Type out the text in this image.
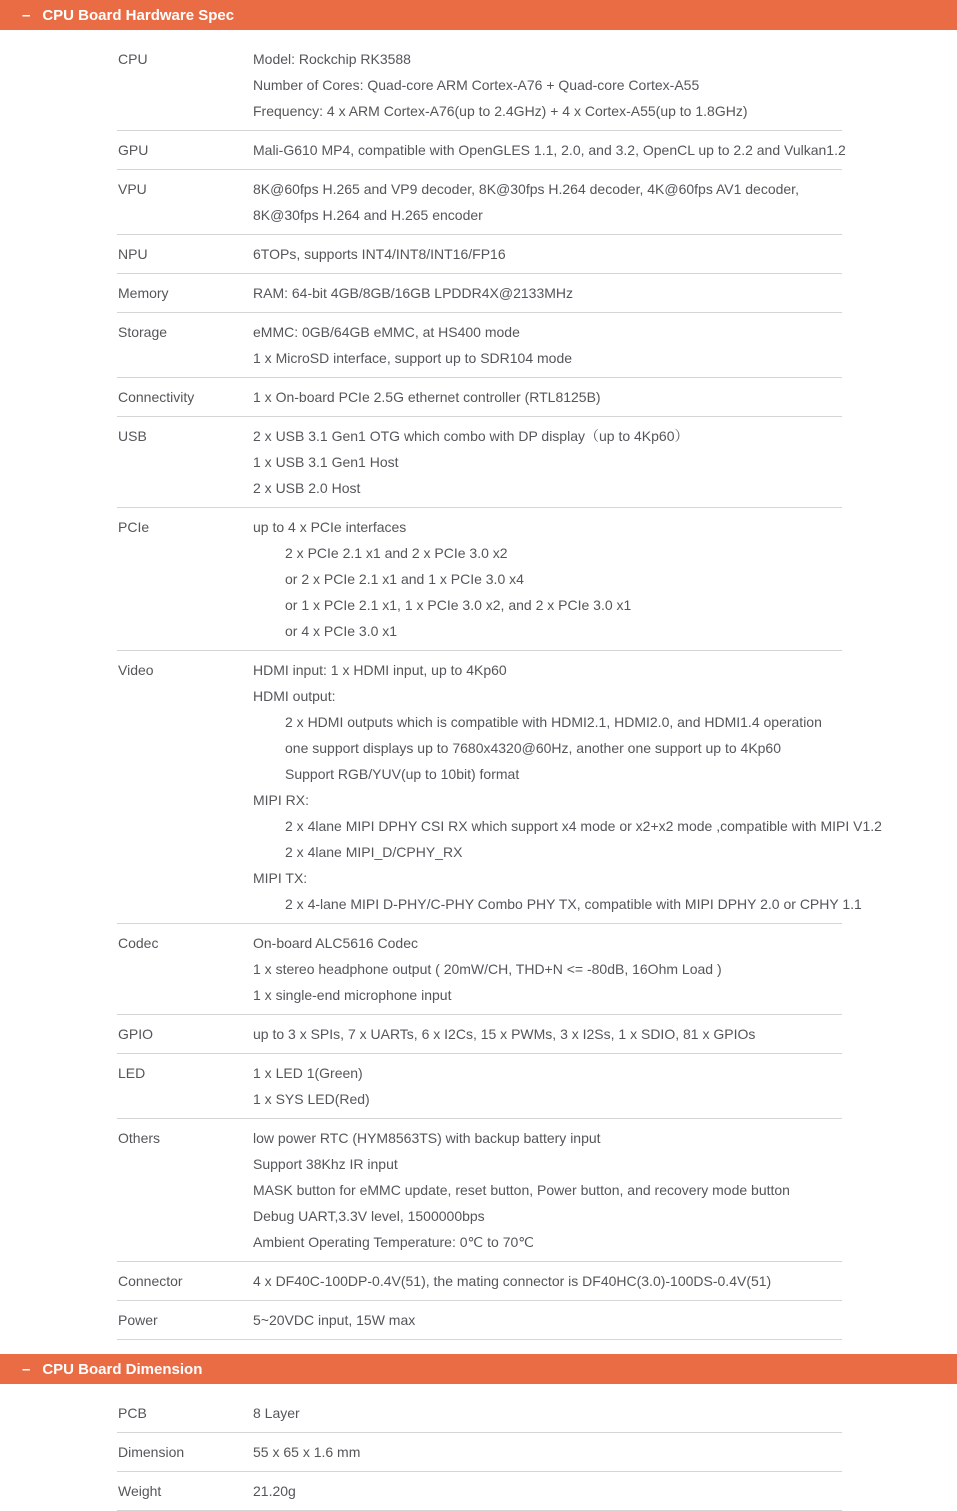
– CPU Board Hardware Spec
CPU	Model: Rockchip RK3588
Number of Cores: Quad-core ARM Cortex-A76 + Quad-core Cortex-A55
Frequency: 4 x ARM Cortex-A76(up to 2.4GHz) + 4 x Cortex-A55(up to 1.8GHz)
GPU	Mali-G610 MP4, compatible with OpenGLES 1.1, 2.0, and 3.2, OpenCL up to 2.2 and Vulkan1.2
VPU	8K@60fps H.265 and VP9 decoder, 8K@30fps H.264 decoder, 4K@60fps AV1 decoder,
8K@30fps H.264 and H.265 encoder
NPU	6TOPs, supports INT4/INT8/INT16/FP16
Memory	RAM: 64-bit 4GB/8GB/16GB LPDDR4X@2133MHz
Storage	eMMC: 0GB/64GB eMMC, at HS400 mode
1 x MicroSD interface, support up to SDR104 mode
Connectivity	1 x On-board PCIe 2.5G ethernet controller (RTL8125B)
USB	2 x USB 3.1 Gen1 OTG which combo with DP display（up to 4Kp60）
1 x USB 3.1 Gen1 Host
2 x USB 2.0 Host
PCIe	up to 4 x PCIe interfaces
2 x PCIe 2.1 x1 and 2 x PCIe 3.0 x2
or 2 x PCIe 2.1 x1 and 1 x PCIe 3.0 x4
or 1 x PCIe 2.1 x1, 1 x PCIe 3.0 x2, and 2 x PCIe 3.0 x1
or 4 x PCIe 3.0 x1
Video	HDMI input: 1 x HDMI input, up to 4Kp60
HDMI output:
2 x HDMI outputs which is compatible with HDMI2.1, HDMI2.0, and HDMI1.4 operation
one support displays up to 7680x4320@60Hz, another one support up to 4Kp60
Support RGB/YUV(up to 10bit) format
MIPI RX:
2 x 4lane MIPI DPHY CSI RX which support x4 mode or x2+x2 mode ,compatible with MIPI V1.2
2 x 4lane MIPI_D/CPHY_RX
MIPI TX:
2 x 4-lane MIPI D-PHY/C-PHY Combo PHY TX, compatible with MIPI DPHY 2.0 or CPHY 1.1
Codec	On-board ALC5616 Codec
1 x stereo headphone output ( 20mW/CH, THD+N <= -80dB, 16Ohm Load )
1 x single-end microphone input
GPIO	up to 3 x SPIs, 7 x UARTs, 6 x I2Cs, 15 x PWMs, 3 x I2Ss, 1 x SDIO, 81 x GPIOs
LED	1 x LED 1(Green)
1 x SYS LED(Red)
Others	low power RTC (HYM8563TS) with backup battery input
Support 38Khz IR input
MASK button for eMMC update, reset button, Power button, and recovery mode button
Debug UART,3.3V level, 1500000bps
Ambient Operating Temperature: 0℃ to 70℃
Connector	4 x DF40C-100DP-0.4V(51), the mating connector is DF40HC(3.0)-100DS-0.4V(51)
Power	5~20VDC input, 15W max
– CPU Board Dimension
PCB	8 Layer
Dimension	55 x 65 x 1.6 mm
Weight	21.20g
